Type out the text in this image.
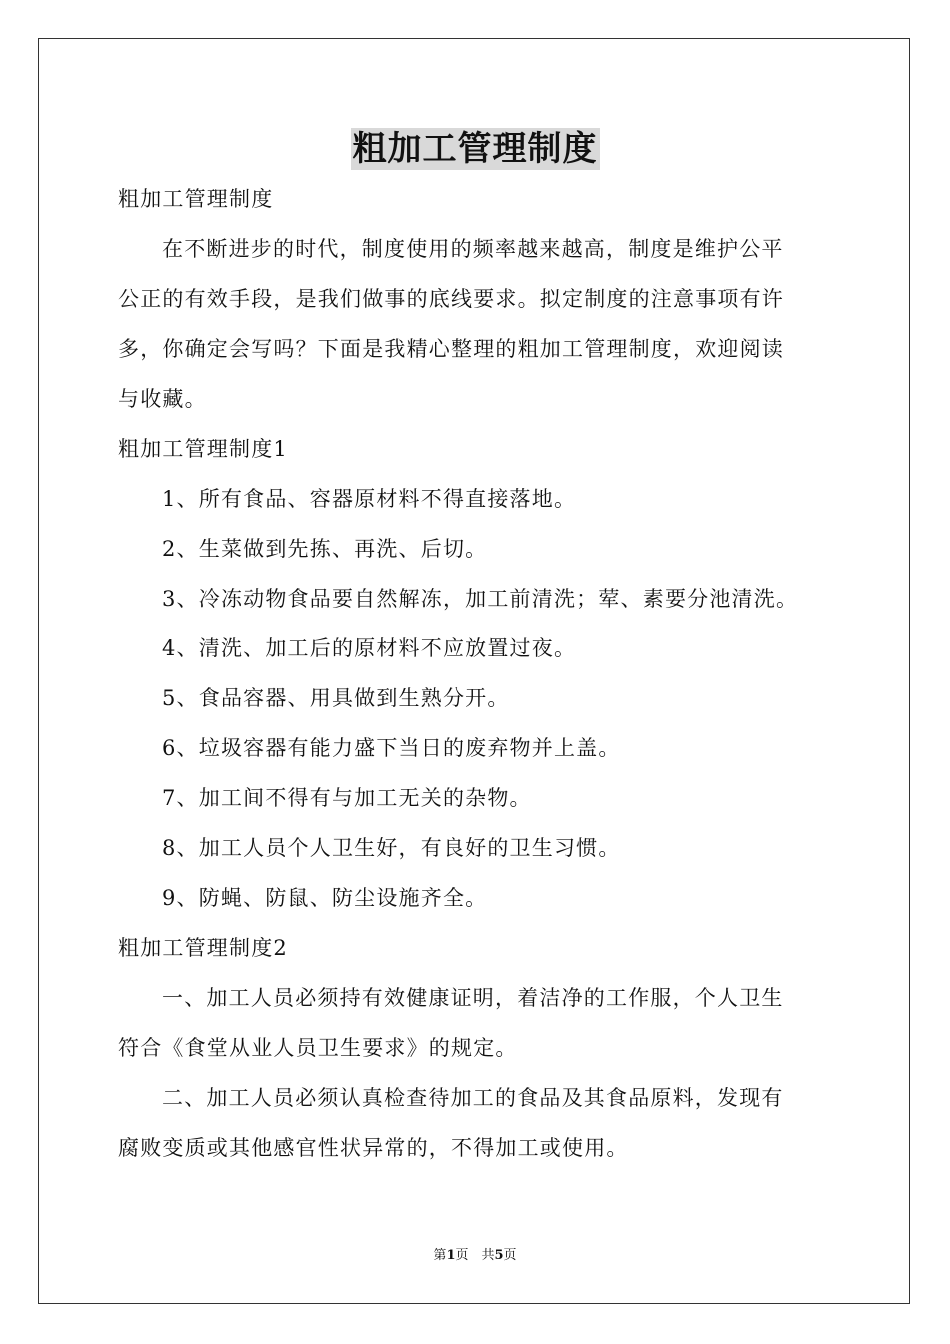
粗加工管理制度
粗加工管理制度
在不断进步的时代，制度使用的频率越来越高，制度是维护公平
公正的有效手段，是我们做事的底线要求。拟定制度的注意事项有许
多，你确定会写吗？下面是我精心整理的粗加工管理制度，欢迎阅读
与收藏。
粗加工管理制度1
1、所有食品、容器原材料不得直接落地。
2、生菜做到先拣、再洗、后切。
3、冷冻动物食品要自然解冻，加工前清洗；荤、素要分池清洗。
4、清洗、加工后的原材料不应放置过夜。
5、食品容器、用具做到生熟分开。
6、垃圾容器有能力盛下当日的废弃物并上盖。
7、加工间不得有与加工无关的杂物。
8、加工人员个人卫生好，有良好的卫生习惯。
9、防蝇、防鼠、防尘设施齐全。
粗加工管理制度2
一、加工人员必须持有效健康证明，着洁净的工作服，个人卫生
符合《食堂从业人员卫生要求》的规定。
二、加工人员必须认真检查待加工的食品及其食品原料，发现有
腐败变质或其他感官性状异常的，不得加工或使用。
第1页　共5页
